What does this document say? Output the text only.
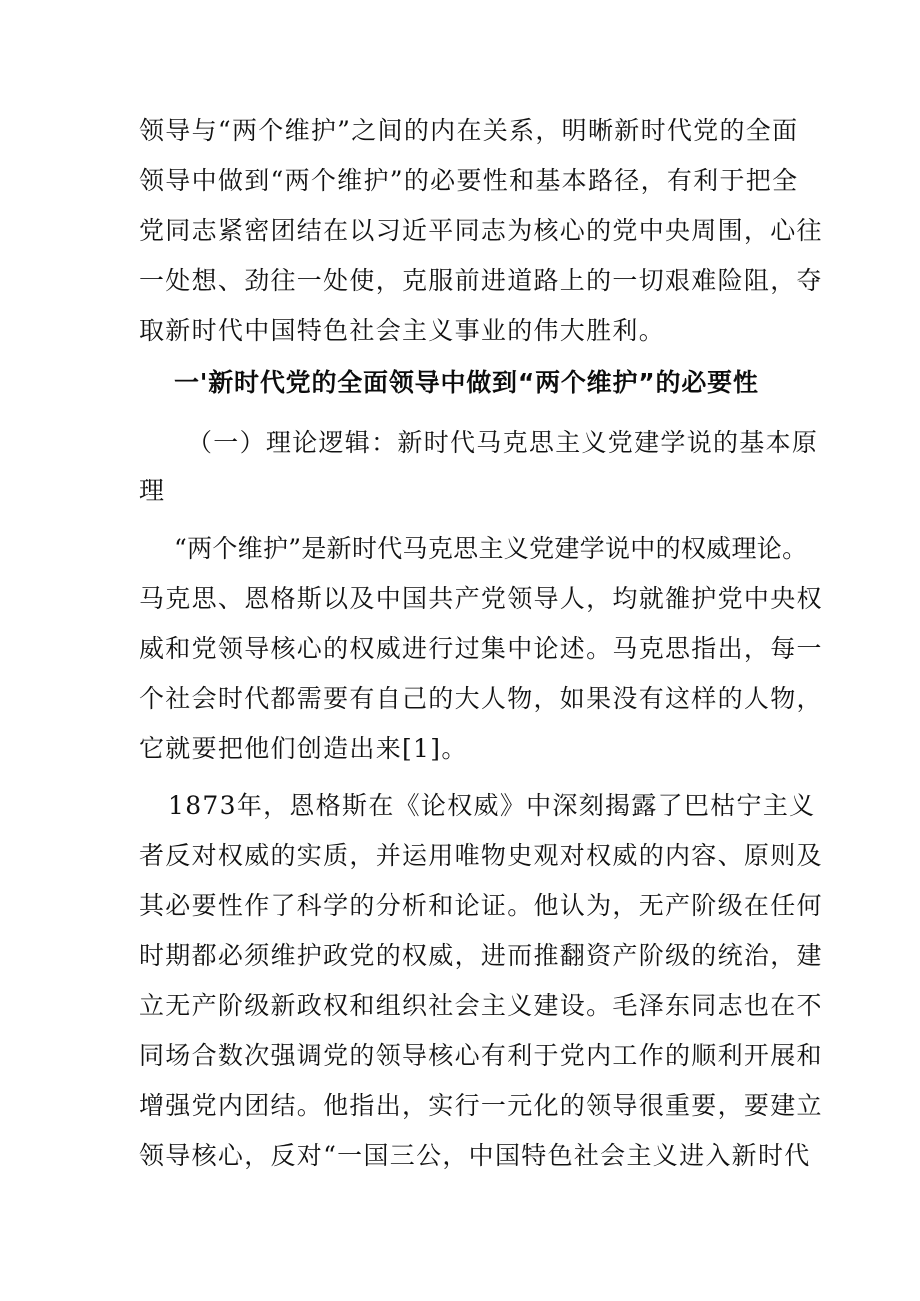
领导与“两个维护”之间的内在关系，明晰新时代党的全面
领导中做到“两个维护”的必要性和基本路径，有利于把全
党同志紧密团结在以习近平同志为核心的党中央周围，心往
一处想、劲往一处使，克服前进道路上的一切艰难险阻，夺
取新时代中国特色社会主义事业的伟大胜利。
一'新时代党的全面领导中做到“两个维护”的必要性
（一）理论逻辑：新时代马克思主义党建学说的基本原
理
“两个维护”是新时代马克思主义党建学说中的权威理论。
马克思、恩格斯以及中国共产党领导人，均就雒护党中央权
威和党领导核心的权威进行过集中论述。马克思指出，每一
个社会时代都需要有自己的大人物，如果没有这样的人物，
它就要把他们创造出来[1]。
1873年，恩格斯在《论权威》中深刻揭露了巴枯宁主义
者反对权威的实质，并运用唯物史观对权威的内容、原则及
其必要性作了科学的分析和论证。他认为，无产阶级在任何
时期都必须维护政党的权威，进而推翻资产阶级的统治，建
立无产阶级新政权和组织社会主义建设。毛泽东同志也在不
同场合数次强调党的领导核心有利于党内工作的顺利开展和
增强党内团结。他指出，实行一元化的领导很重要，要建立
领导核心，反对“一国三公，中国特色社会主义进入新时代
